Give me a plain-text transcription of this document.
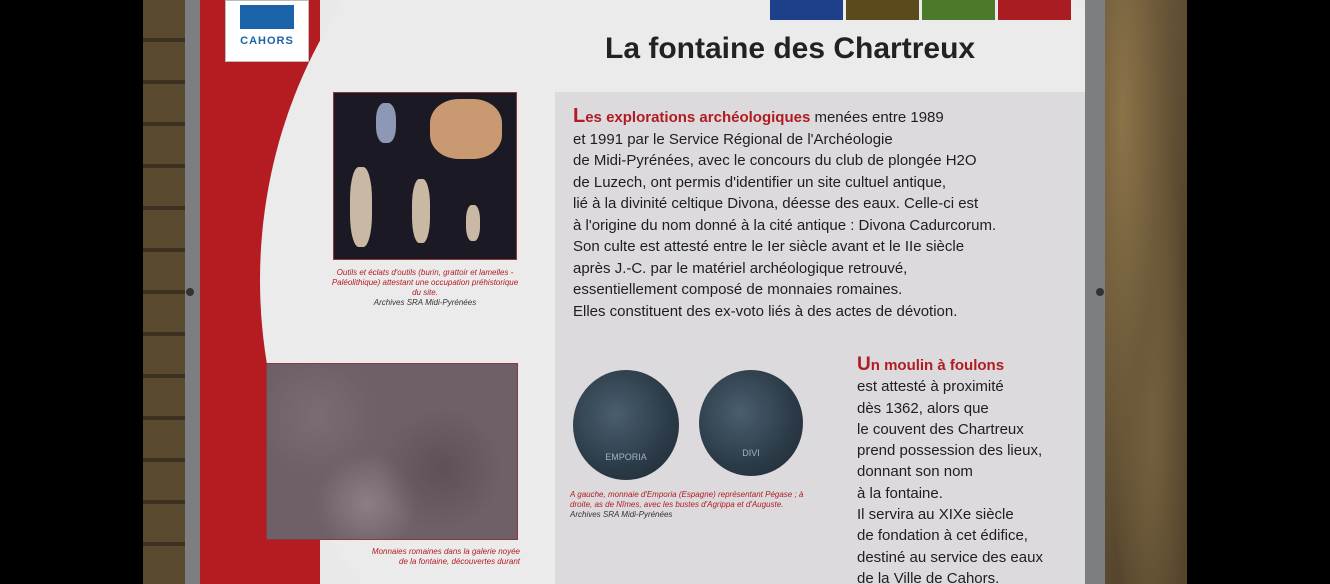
CAHORS	La fontaine des Chartreux
Outils et éclats d'outils (burin, grattoir et lamelles - Paléolithique) attestant une occupation préhistorique du site.
Archives SRA Midi-Pyrénées
Monnaies romaines dans la galerie noyée de la fontaine, découvertes durant
Les explorations archéologiques menées entre 1989
et 1991 par le Service Régional de l'Archéologie
de Midi-Pyrénées, avec le concours du club de plongée H2O
de Luzech, ont permis d'identifier un site cultuel antique,
lié à la divinité celtique Divona, déesse des eaux. Celle-ci est
à l'origine du nom donné à la cité antique : Divona Cadurcorum.
Son culte est attesté entre le Ier siècle avant et le IIe siècle
après J.-C. par le matériel archéologique retrouvé,
essentiellement composé de monnaies romaines.
Elles constituent des ex-voto liés à des actes de dévotion.
EMPORIA	DIVI
A gauche, monnaie d'Emporia (Espagne) représentant Pégase ; à droite, as de Nîmes, avec les bustes d'Agrippa et d'Auguste. Archives SRA Midi-Pyrénées
Un moulin à foulons
est attesté à proximité
dès 1362, alors que
le couvent des Chartreux
prend possession des lieux,
donnant son nom
à la fontaine.
Il servira au XIXe siècle
de fondation à cet édifice,
destiné au service des eaux
de la Ville de Cahors.
